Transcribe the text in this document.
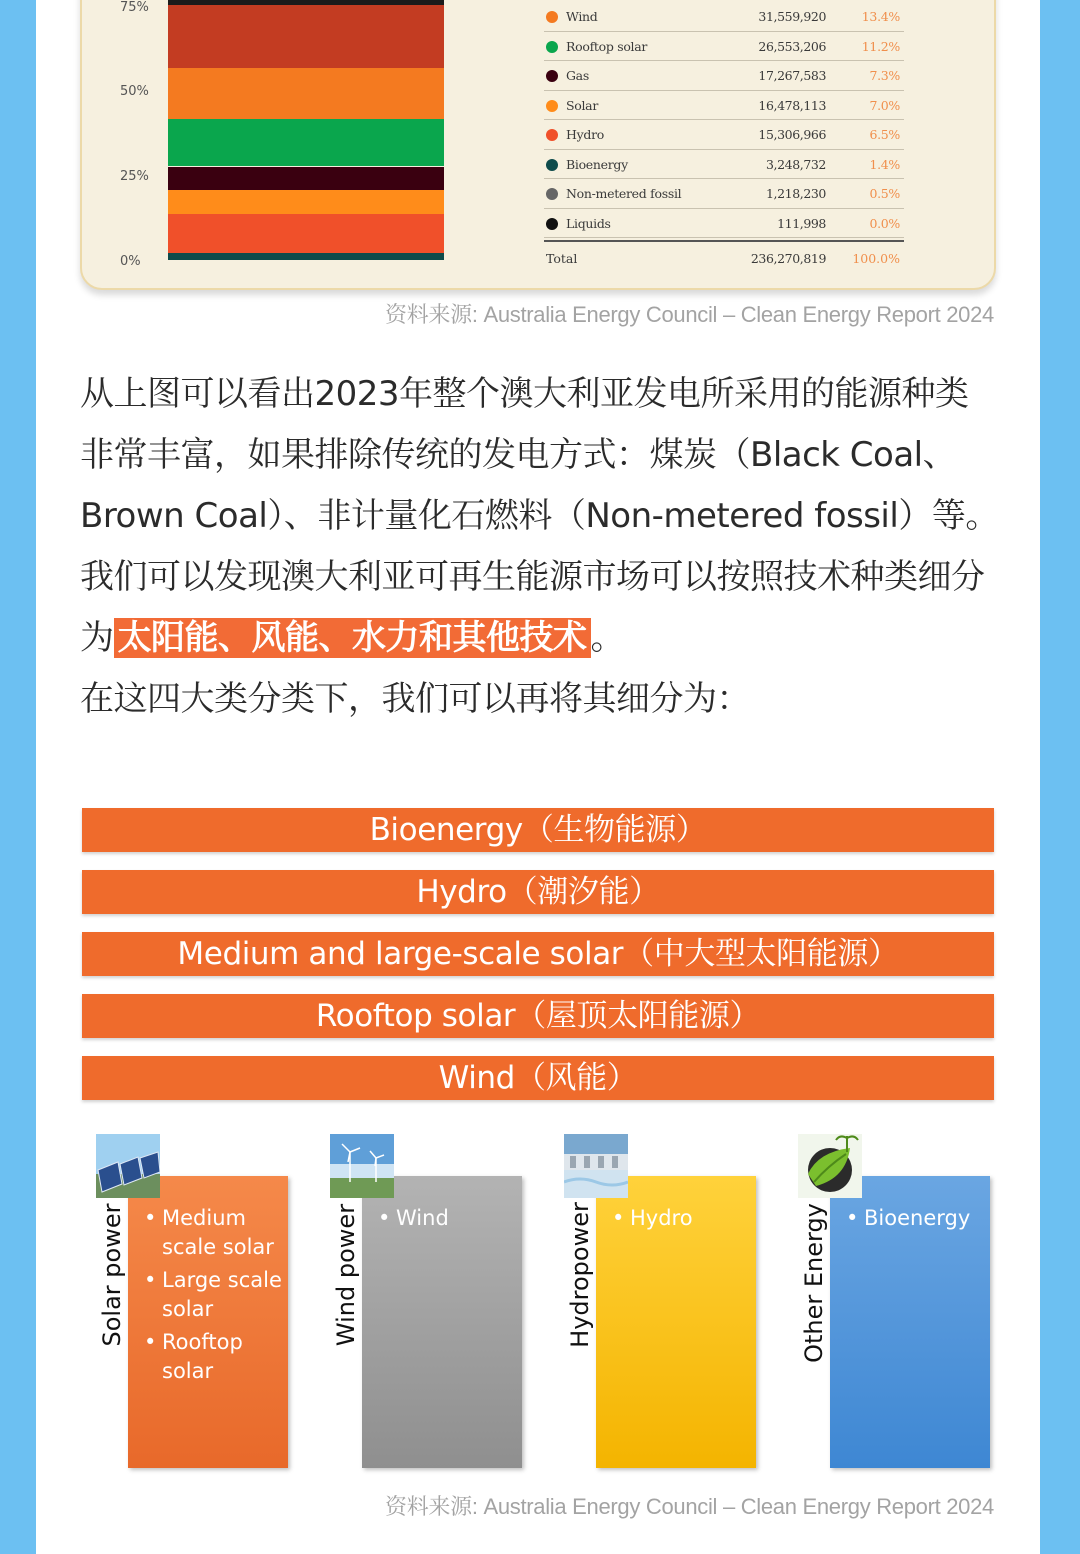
75%
50%
25%
0%
Wind	31,559,920	13.4%
Rooftop solar	26,553,206	11.2%
Gas	17,267,583	7.3%
Solar	16,478,113	7.0%
Hydro	15,306,966	6.5%
Bioenergy	3,248,732	1.4%
Non-metered fossil	1,218,230	0.5%
Liquids	111,998	0.0%
Total	236,270,819 100.0%
资料来源: Australia Energy Council – Clean Energy Report 2024

从上图可以看出2023年整个澳大利亚发电所采用的能源种类非常丰富，如果排除传统的发电方式：煤炭（Black Coal、Brown Coal）、非计量化石燃料（Non-metered fossil）等。

我们可以发现澳大利亚可再生能源市场可以按照技术种类细分为 太阳能、风能、水力和其他技术 。

在这四大类分类下，我们可以再将其细分为：

Bioenergy（生物能源）
Hydro（潮汐能）
Medium and large-scale solar（中大型太阳能源）
Rooftop solar（屋顶太阳能源）
Wind（风能）
Solar power	• Medium scale solar
• Large scale solar
• Rooftop solar
Wind power	• Wind	Hydropower	• Hydro	Other Energy	• Bioenergy
资料来源: Australia Energy Council – Clean Energy Report 2024
